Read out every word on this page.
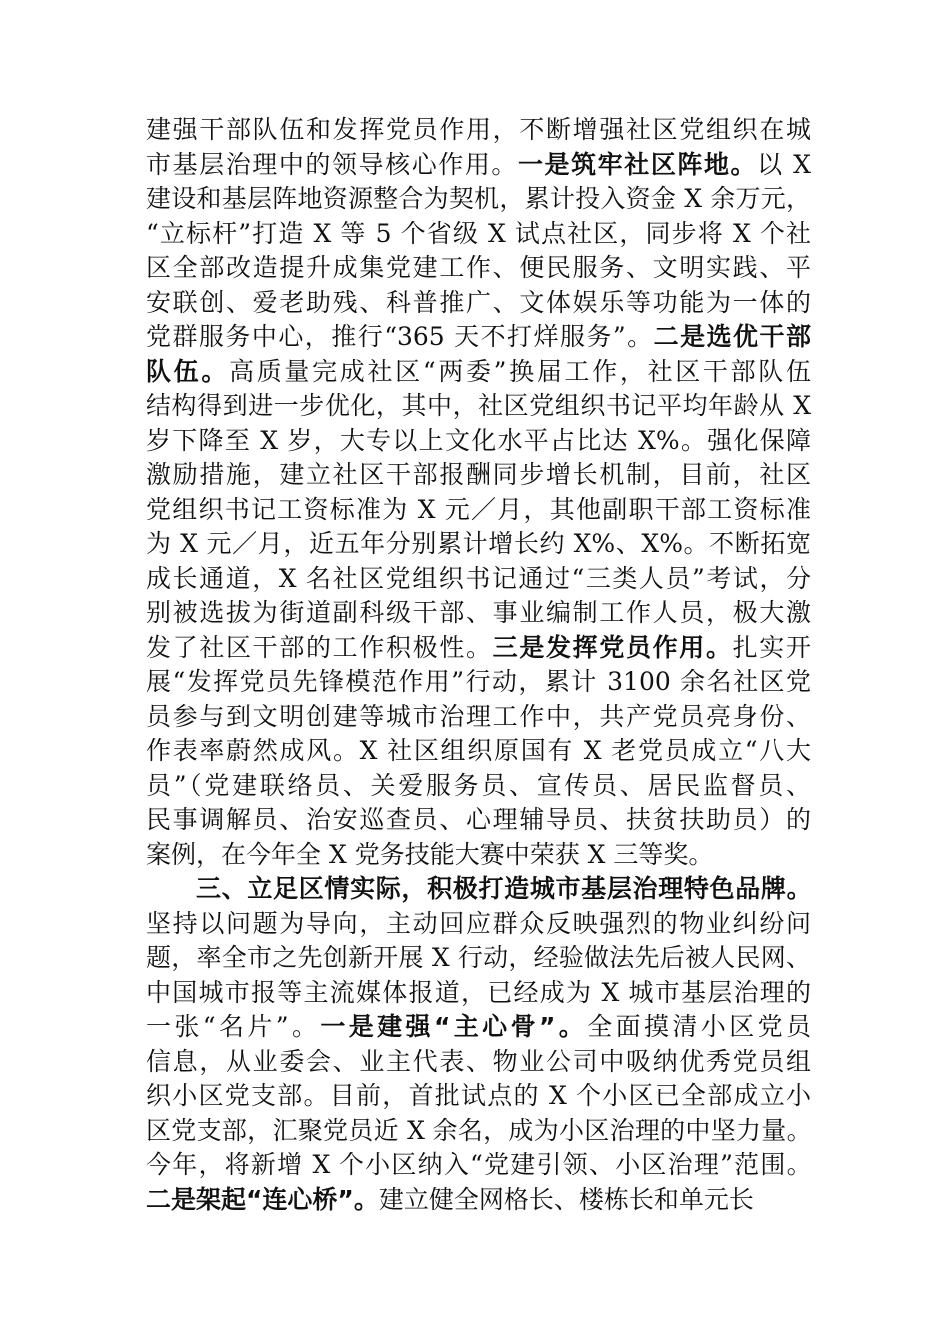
建强干部队伍和发挥党员作用，不断增强社区党组织在城
市基层治理中的领导核心作用。一是筑牢社区阵地。以 X
建设和基层阵地资源整合为契机，累计投入资金 X 余万元，
“立标杆”打造 X 等 5 个省级 X 试点社区，同步将 X 个社
区全部改造提升成集党建工作、便民服务、文明实践、平
安联创、爱老助残、科普推广、文体娱乐等功能为一体的
党群服务中心，推行“365 天不打烊服务”。二是选优干部
队伍。高质量完成社区“两委”换届工作，社区干部队伍
结构得到进一步优化，其中，社区党组织书记平均年龄从 X
岁下降至 X 岁，大专以上文化水平占比达 X%。强化保障
激励措施，建立社区干部报酬同步增长机制，目前，社区
党组织书记工资标准为 X 元／月，其他副职干部工资标准
为 X 元／月，近五年分别累计增长约 X%、X%。不断拓宽
成长通道，X 名社区党组织书记通过“三类人员”考试，分
别被选拔为街道副科级干部、事业编制工作人员，极大激
发了社区干部的工作积极性。三是发挥党员作用。扎实开
展“发挥党员先锋模范作用”行动，累计 3100 余名社区党
员参与到文明创建等城市治理工作中，共产党员亮身份、
作表率蔚然成风。X 社区组织原国有 X 老党员成立“八大
员”（党建联络员、关爱服务员、宣传员、居民监督员、
民事调解员、治安巡查员、心理辅导员、扶贫扶助员）的
案例，在今年全 X 党务技能大赛中荣获 X 三等奖。
三、立足区情实际，积极打造城市基层治理特色品牌。
坚持以问题为导向，主动回应群众反映强烈的物业纠纷问
题，率全市之先创新开展 X 行动，经验做法先后被人民网、
中国城市报等主流媒体报道，已经成为 X 城市基层治理的
一张“名片”。一是建强“主心骨”。全面摸清小区党员
信息，从业委会、业主代表、物业公司中吸纳优秀党员组
织小区党支部。目前，首批试点的 X 个小区已全部成立小
区党支部，汇聚党员近 X 余名，成为小区治理的中坚力量。
今年，将新增 X 个小区纳入“党建引领、小区治理”范围。
二是架起“连心桥”。建立健全网格长、楼栋长和单元长
